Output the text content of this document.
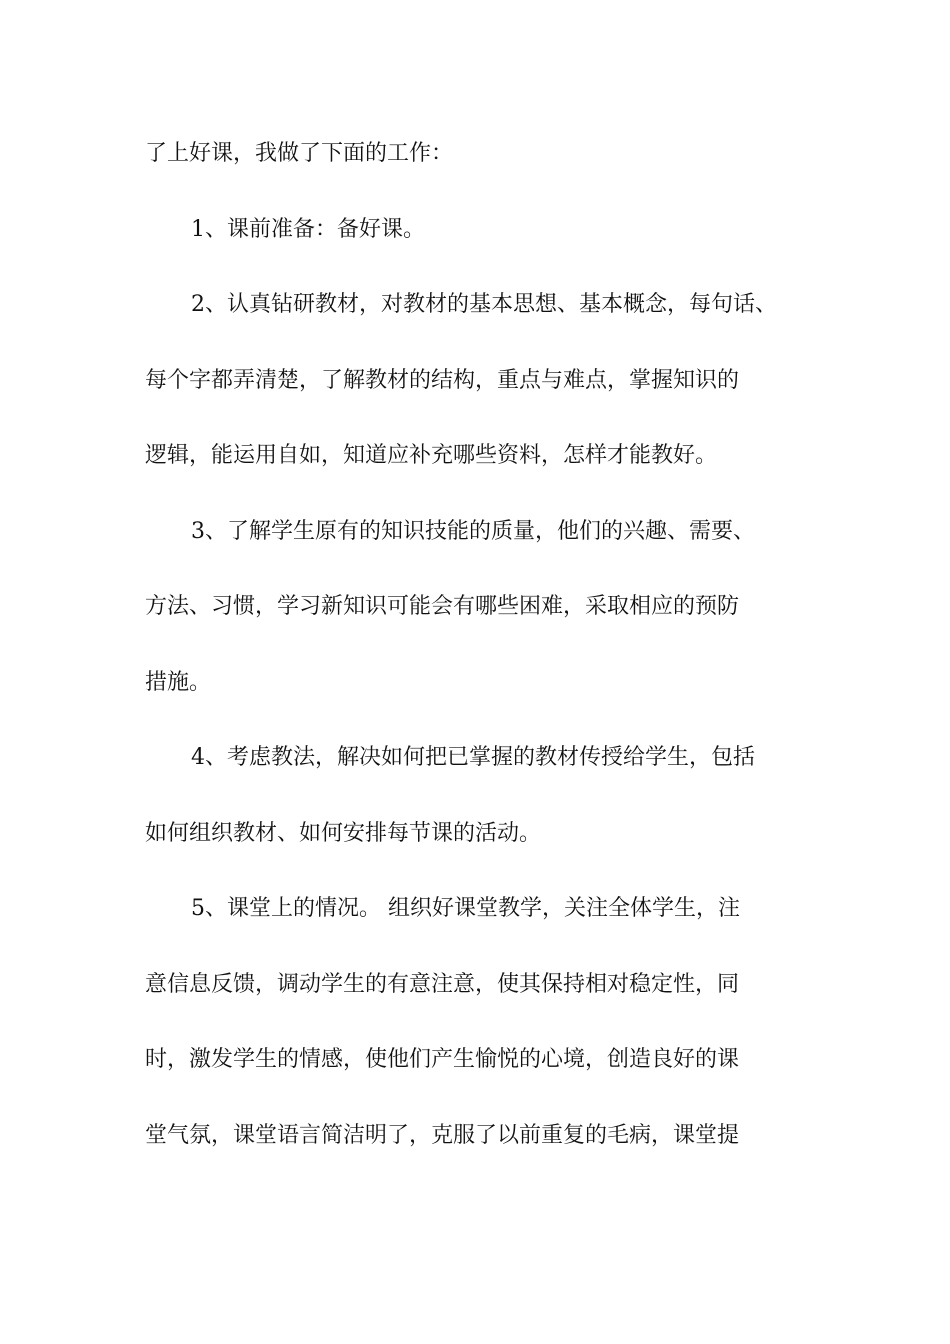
了上好课，我做了下面的工作：
1、课前准备：备好课。
2、认真钻研教材，对教材的基本思想、基本概念，每句话、
每个字都弄清楚，了解教材的结构，重点与难点，掌握知识的
逻辑，能运用自如，知道应补充哪些资料，怎样才能教好。
3、了解学生原有的知识技能的质量，他们的兴趣、需要、
方法、习惯，学习新知识可能会有哪些困难，采取相应的预防
措施。
4、考虑教法，解决如何把已掌握的教材传授给学生，包括
如何组织教材、如何安排每节课的活动。
5、课堂上的情况。 组织好课堂教学，关注全体学生，注
意信息反馈，调动学生的有意注意，使其保持相对稳定性，同
时，激发学生的情感，使他们产生愉悦的心境，创造良好的课
堂气氛，课堂语言简洁明了，克服了以前重复的毛病，课堂提
